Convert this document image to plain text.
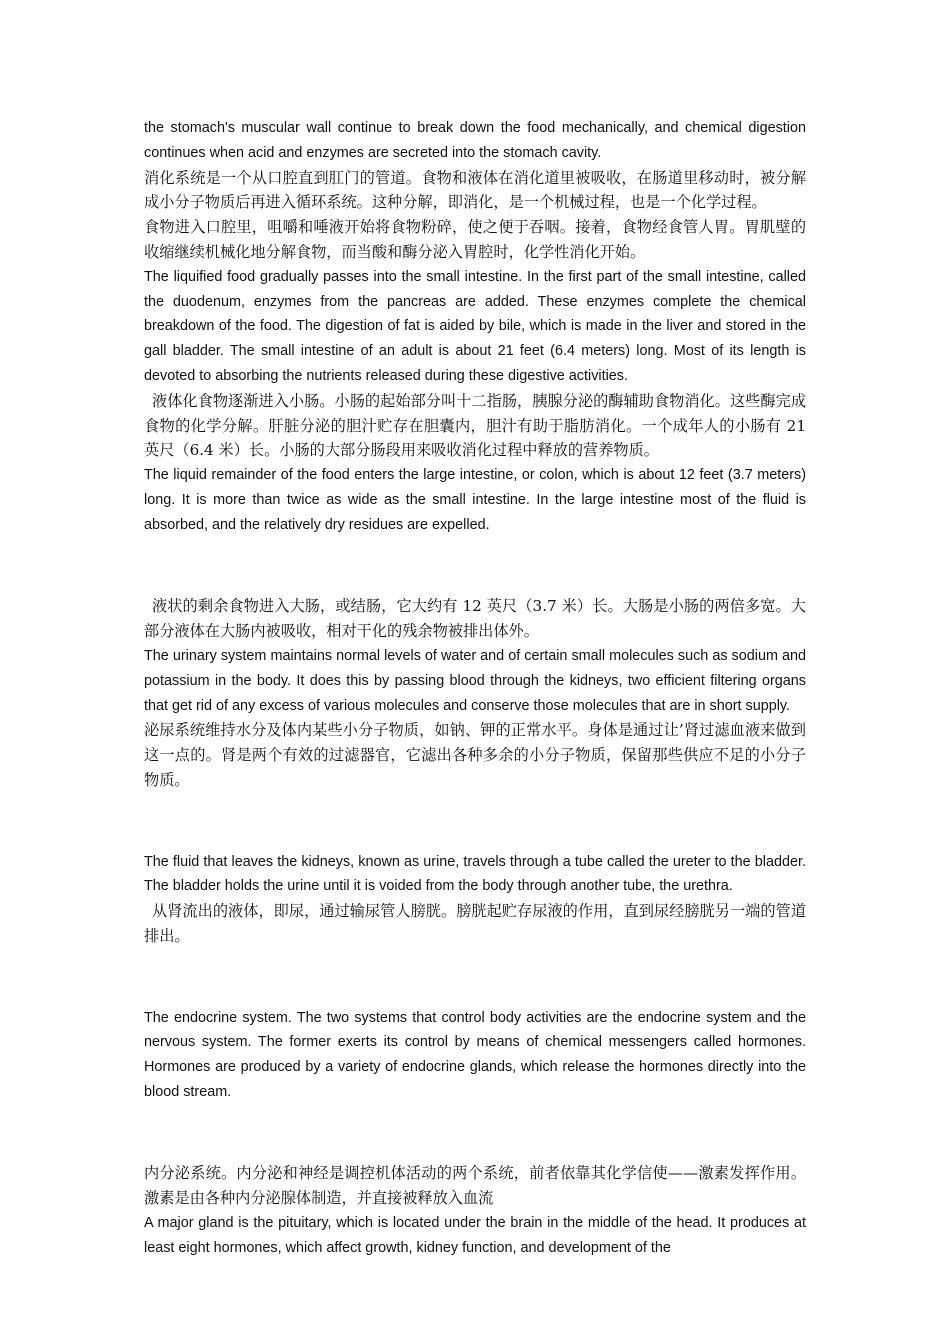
the stomach's muscular wall continue to break down the food mechanically, and chemical digestion continues when acid and enzymes are secreted into the stomach cavity.

消化系统是一个从口腔直到肛门的管道。食物和液体在消化道里被吸收，在肠道里移动时，被分解成小分子物质后再进入循环系统。这种分解，即消化，是一个机械过程，也是一个化学过程。

食物进入口腔里，咀嚼和唾液开始将食物粉碎，使之便于吞咽。接着，食物经食管人胃。胃肌壁的收缩继续机械化地分解食物，而当酸和酶分泌入胃腔时，化学性消化开始。

The liquified food gradually passes into the small intestine. In the first part of the small intestine, called the duodenum, enzymes from the pancreas are added. These enzymes complete the chemical breakdown of the food. The digestion of fat is aided by bile, which is made in the liver and stored in the gall bladder. The small intestine of an adult is about 21 feet (6.4 meters) long. Most of its length is devoted to absorbing the nutrients released during these digestive activities.

液体化食物逐渐进入小肠。小肠的起始部分叫十二指肠，胰腺分泌的酶辅助食物消化。这些酶完成食物的化学分解。肝脏分泌的胆汁贮存在胆囊内，胆汁有助于脂肪消化。一个成年人的小肠有 21 英尺（6.4 米）长。小肠的大部分肠段用来吸收消化过程中释放的营养物质。

The liquid remainder of the food enters the large intestine, or colon, which is about 12 feet (3.7 meters) long. It is more than twice as wide as the small intestine. In the large intestine most of the fluid is absorbed, and the relatively dry residues are expelled.

液状的剩余食物进入大肠，或结肠，它大约有 12 英尺（3.7 米）长。大肠是小肠的两倍多宽。大部分液体在大肠内被吸收，相对干化的残余物被排出体外。

The urinary system maintains normal levels of water and of certain small molecules such as sodium and potassium in the body. It does this by passing blood through the kidneys, two efficient filtering organs that get rid of any excess of various molecules and conserve those molecules that are in short supply.

泌尿系统维持水分及体内某些小分子物质，如钠、钾的正常水平。身体是通过让’肾过滤血液来做到这一点的。肾是两个有效的过滤器官，它滤出各种多余的小分子物质，保留那些供应不足的小分子物质。

The fluid that leaves the kidneys, known as urine, travels through a tube called the ureter to the bladder. The bladder holds the urine until it is voided from the body through another tube, the urethra.

从肾流出的液体，即尿，通过输尿管人膀胱。膀胱起贮存尿液的作用，直到尿经膀胱另一端的管道排出。

The endocrine system. The two systems that control body activities are the endocrine system and the nervous system. The former exerts its control by means of chemical messengers called hormones. Hormones are produced by a variety of endocrine glands, which release the hormones directly into the blood stream.

内分泌系统。内分泌和神经是调控机体活动的两个系统，前者依靠其化学信使——激素发挥作用。激素是由各种内分泌腺体制造，并直接被释放入血流

A major gland is the pituitary, which is located under the brain in the middle of the head. It produces at least eight hormones, which affect growth, kidney function, and development of the
